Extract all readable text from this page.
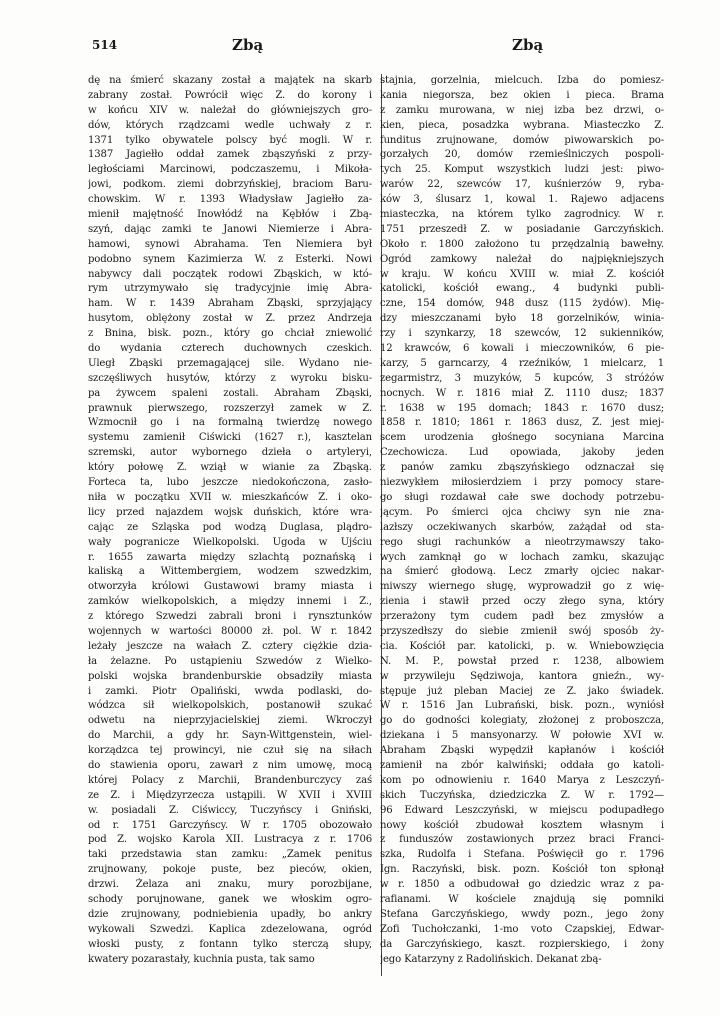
514	Zbą	Zbą
dę na śmierć skazany został a majątek na skarb
zabrany został. Powrócił więc Z. do korony i
w końcu XIV w. należał do główniejszych gro-
dów, których rządzcami wedle uchwały z r.
1371 tylko obywatele polscy być mogli. W r.
1387 Jagiełło oddał zamek zbąszyński z przy-
ległościami Marcinowi, podczaszemu, i Mikoła-
jowi, podkom. ziemi dobrzyńskiej, braciom Baru-
chowskim. W r. 1393 Władysław Jagiełło za-
mienił majętność Inowłódź na Kębłów i Zbą-
szyń, dając zamki te Janowi Niemierze i Abra-
hamowi, synowi Abrahama. Ten Niemiera był
podobno synem Kazimierza W. z Esterki. Nowi
nabywcy dali początek rodowi Zbąskich, w któ-
rym utrzymywało się tradycyjnie imię Abra-
ham. W r. 1439 Abraham Zbąski, sprzyjający
husytom, oblężony został w Z. przez Andrzeja
z Bnina, bisk. pozn., który go chciał zniewolić
do wydania czterech duchownych czeskich.
Uległ Zbąski przemagającej sile. Wydano nie-
szczęśliwych husytów, którzy z wyroku bisku-
pa żywcem spaleni zostali. Abraham Zbąski,
prawnuk pierwszego, rozszerzył zamek w Z.
Wzmocnił go i na formalną twierdzę nowego
systemu zamienił Ciświcki (1627 r.), kasztelan
szremski, autor wybornego dzieła o artyleryi,
który połowę Z. wziął w wianie za Zbąską.
Forteca ta, lubo jeszcze niedokończona, zasło-
niła w początku XVII w. mieszkańców Z. i oko-
licy przed najazdem wojsk duńskich, które wra-
cając ze Szląska pod wodzą Duglasa, plądro-
wały pogranicze Wielkopolski. Ugoda w Ujściu
r. 1655 zawarta między szlachtą poznańską i
kaliską a Wittembergiem, wodzem szwedzkim,
otworzyła królowi Gustawowi bramy miasta i
zamków wielkopolskich, a między innemi i Z.,
z którego Szwedzi zabrali broni i rynsztunków
wojennych w wartości 80000 zł. pol. W r. 1842
leżały jeszcze na wałach Z. cztery ciężkie dzia-
ła żelazne. Po ustąpieniu Szwedów z Wielko-
polski wojska brandenburskie obsadziły miasta
i zamki. Piotr Opaliński, wwda podlaski, do-
wódzca sił wielkopolskich, postanowił szukać
odwetu na nieprzyjacielskiej ziemi. Wkroczył
do Marchii, a gdy hr. Sayn-Wittgenstein, wiel-
korządzca tej prowincyi, nie czuł się na siłach
do stawienia oporu, zawarł z nim umowę, mocą
której Polacy z Marchii, Brandenburczycy zaś
ze Z. i Międzyrzecza ustąpili. W XVII i XVIII
w. posiadali Z. Ciświccy, Tuczyńscy i Gniński,
od r. 1751 Garczyńscy. W r. 1705 obozowało
pod Z. wojsko Karola XII. Lustracya z r. 1706
taki przedstawia stan zamku: „Zamek penitus
zrujnowany, pokoje puste, bez pieców, okien,
drzwi. Żelaza ani znaku, mury porozbijane,
schody porujnowane, ganek we włoskim ogro-
dzie zrujnowany, podniebienia upadły, bo ankry
wykowali Szwedzi. Kaplica zdezelowana, ogród
włoski pusty, z fontann tylko sterczą słupy,
kwatery pozarastały, kuchnia pusta, tak samo
stajnia, gorzelnia, mielcuch. Izba do pomiesz-
kania niegorsza, bez okien i pieca. Brama
z zamku murowana, w niej izba bez drzwi, o-
kien, pieca, posadzka wybrana. Miasteczko Z.
funditus zrujnowane, domów piwowarskich po-
gorzałych 20, domów rzemieślniczych pospoli-
tych 25. Komput wszystkich ludzi jest: piwo-
warów 22, szewców 17, kuśnierzów 9, ryba-
ków 3, ślusarz 1, kowal 1. Rajewo adjacens
miasteczka, na którem tylko zagrodnicy. W r.
1751 przeszedł Z. w posiadanie Garczyńskich.
Około r. 1800 założono tu przędzalnią bawełny.
Ogród zamkowy należał do najpiękniejszych
w kraju. W końcu XVIII w. miał Z. kościół
katolicki, kościół ewang., 4 budynki publi-
czne, 154 domów, 948 dusz (115 żydów). Mię-
dzy mieszczanami było 18 gorzelników, winia-
rzy i szynkarzy, 18 szewców, 12 sukienników,
12 krawców, 6 kowali i mieczowników, 6 pie-
karzy, 5 garncarzy, 4 rzeźników, 1 mielcarz, 1
zegarmistrz, 3 muzyków, 5 kupców, 3 stróżów
nocnych. W r. 1816 miał Z. 1110 dusz; 1837
r. 1638 w 195 domach; 1843 r. 1670 dusz;
1858 r. 1810; 1861 r. 1863 dusz, Z. jest miej-
scem urodzenia głośnego socyniana Marcina
Czechowicza. Lud opowiada, jakoby jeden
z panów zamku zbąszyńskiego odznaczał się
niezwykłem miłosierdziem i przy pomocy stare-
go sługi rozdawał całe swe dochody potrzebu-
jącym. Po śmierci ojca chciwy syn nie zna-
lazłszy oczekiwanych skarbów, zażądał od sta-
rego sługi rachunków a nieotrzymawszy tako-
wych zamknął go w lochach zamku, skazując
na śmierć głodową. Lecz zmarły ojciec nakar-
miwszy wiernego sługę, wyprowadził go z wię-
zienia i stawił przed oczy złego syna, który
przerażony tym cudem padł bez zmysłów a
przyszedłszy do siebie zmienił swój sposób ży-
cia. Kościół par. katolicki, p. w. Wniebowzięcia
N. M. P., powstał przed r. 1238, albowiem
w przywileju Sędziwoja, kantora gnieźn., wy-
stępuje już pleban Maciej ze Z. jako świadek.
W r. 1516 Jan Lubrański, bisk. pozn., wyniósł
go do godności kolegiaty, złożonej z proboszcza,
dziekana i 5 mansyonarzy. W połowie XVI w.
Abraham Zbąski wypędził kapłanów i kościół
zamienił na zbór kalwiński; oddała go katoli-
kom po odnowieniu r. 1640 Marya z Leszczyń-
skich Tuczyńska, dziedziczka Z. W r. 1792—
96 Edward Leszczyński, w miejscu podupadłego
nowy kościół zbudował kosztem własnym i
z funduszów zostawionych przez braci Franci-
szka, Rudolfa i Stefana. Poświęcił go r. 1796
Ign. Raczyński, bisk. pozn. Kościół ton spłonął
w r. 1850 a odbudował go dziedzic wraz z pa-
rafianami. W kościele znajdują się pomniki
Stefana Garczyńskiego, wwdy pozn., jego żony
Zofi Tuchołczanki, 1-mo voto Czapskiej, Edwar-
da Garczyńskiego, kaszt. rozpierskiego, i żony
jego Katarzyny z Radolińskich. Dekanat zbą-
